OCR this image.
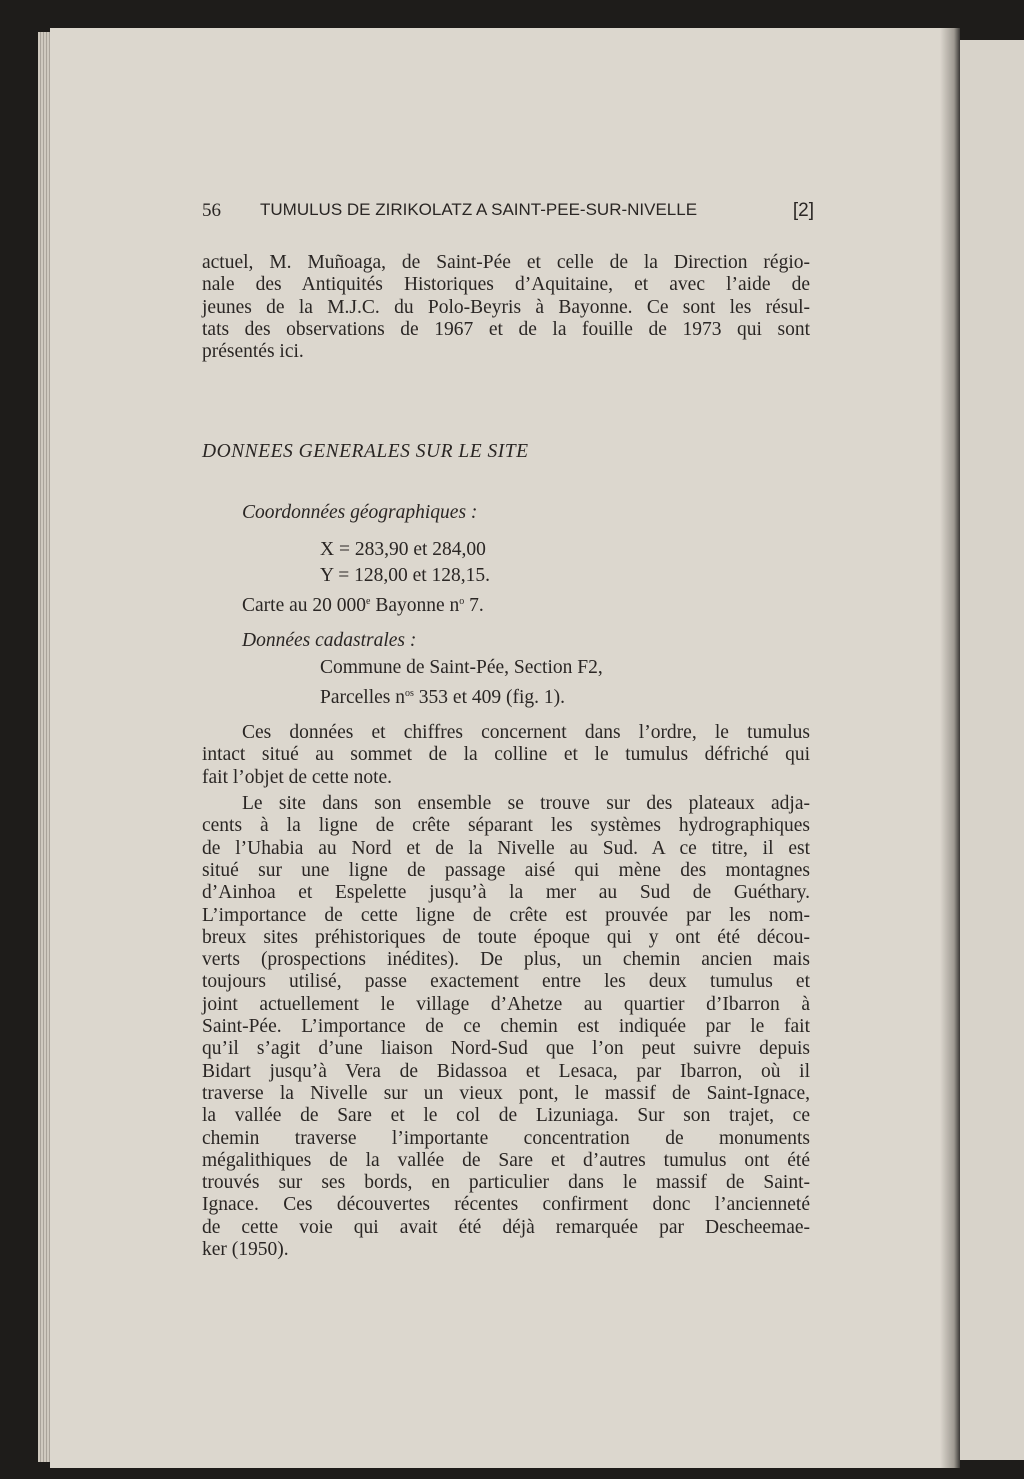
56	TUMULUS DE ZIRIKOLATZ A SAINT-PEE-SUR-NIVELLE	[2]
actuel, M. Muñoaga, de Saint-Pée et celle de la Direction régio-
nale des Antiquités Historiques d’Aquitaine, et avec l’aide de
jeunes de la M.J.C. du Polo-Beyris à Bayonne. Ce sont les résul-
tats des observations de 1967 et de la fouille de 1973 qui sont
présentés ici.
DONNEES GENERALES SUR LE SITE
Coordonnées géographiques :
X = 283,90 et 284,00
Y = 128,00 et 128,15.
Carte au 20 000e Bayonne $n^o$ 7.
Données cadastrales :
Commune de Saint-Pée, Section F2,
Parcelles $n^{os}$ 353 et 409 (fig. 1).
Ces données et chiffres concernent dans l’ordre, le tumulus
intact situé au sommet de la colline et le tumulus défriché qui
fait l’objet de cette note.
Le site dans son ensemble se trouve sur des plateaux adja-
cents à la ligne de crête séparant les systèmes hydrographiques
de l’Uhabia au Nord et de la Nivelle au Sud. A ce titre, il est
situé sur une ligne de passage aisé qui mène des montagnes
d’Ainhoa et Espelette jusqu’à la mer au Sud de Guéthary.
L’importance de cette ligne de crête est prouvée par les nom-
breux sites préhistoriques de toute époque qui y ont été décou-
verts (prospections inédites). De plus, un chemin ancien mais
toujours utilisé, passe exactement entre les deux tumulus et
joint actuellement le village d’Ahetze au quartier d’Ibarron à
Saint-Pée. L’importance de ce chemin est indiquée par le fait
qu’il s’agit d’une liaison Nord-Sud que l’on peut suivre depuis
Bidart jusqu’à Vera de Bidassoa et Lesaca, par Ibarron, où il
traverse la Nivelle sur un vieux pont, le massif de Saint-Ignace,
la vallée de Sare et le col de Lizuniaga. Sur son trajet, ce
chemin traverse l’importante concentration de monuments
mégalithiques de la vallée de Sare et d’autres tumulus ont été
trouvés sur ses bords, en particulier dans le massif de Saint-
Ignace. Ces découvertes récentes confirment donc l’ancienneté
de cette voie qui avait été déjà remarquée par Descheemae-
ker (1950).
